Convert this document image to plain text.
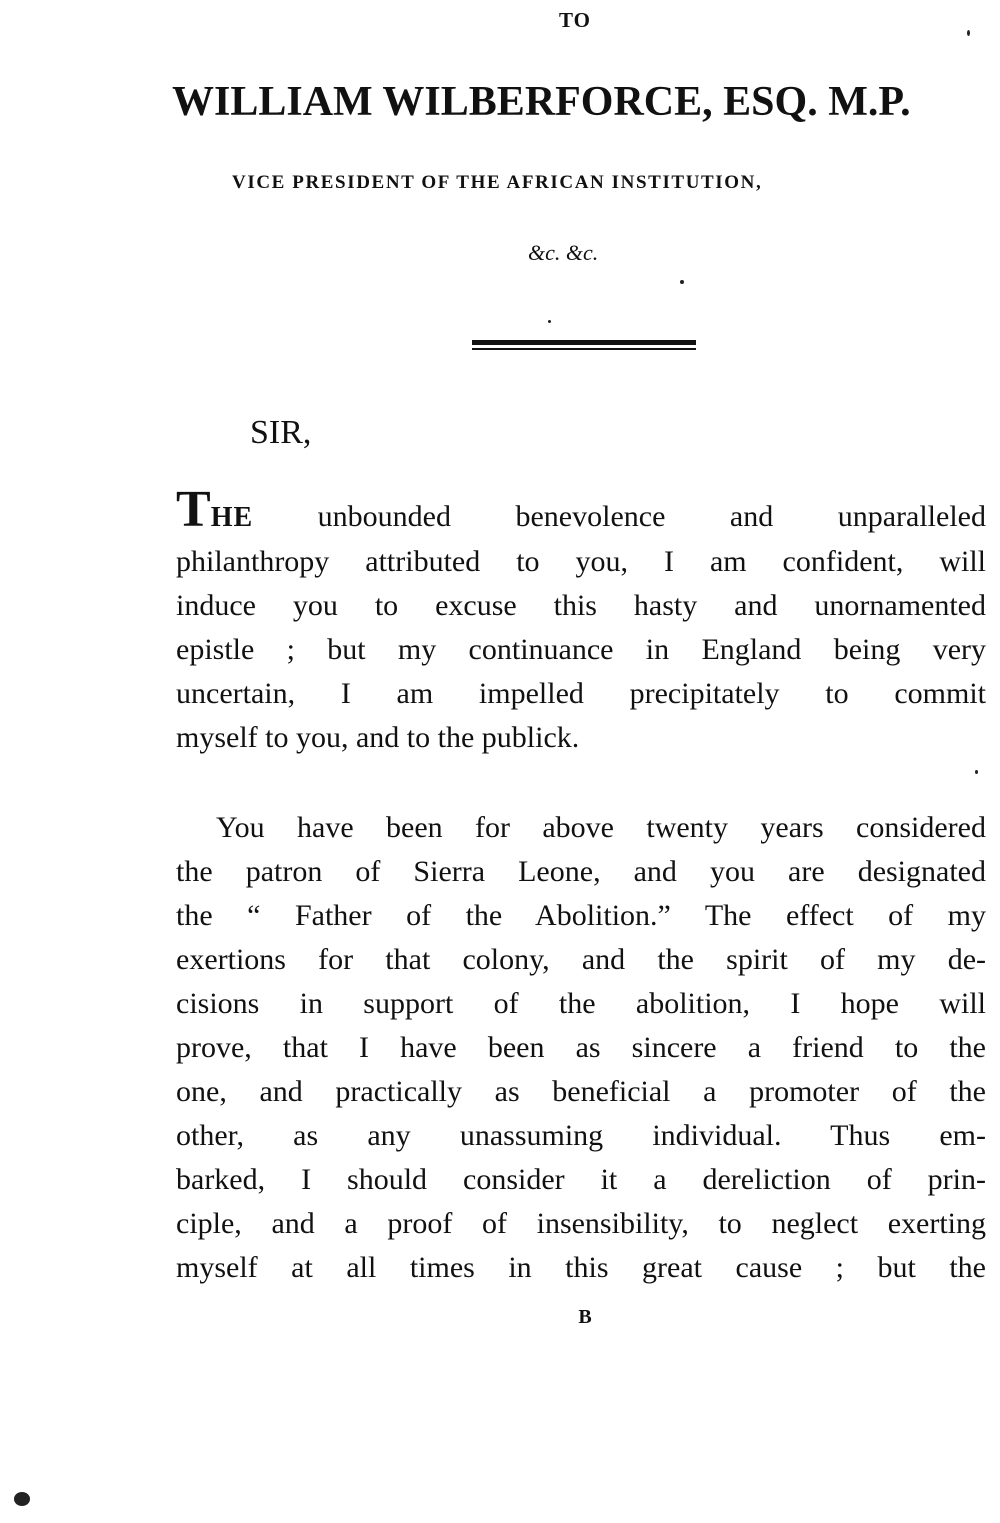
TO
WILLIAM WILBERFORCE, ESQ. M.P.
VICE PRESIDENT OF THE AFRICAN INSTITUTION,
&c. &c.
SIR,
THE unbounded benevolence and unparalleled
philanthropy attributed to you, I am confident, will
induce you to excuse this hasty and unornamented
epistle ; but my continuance in England being very
uncertain, I am impelled precipitately to commit
myself to you, and to the publick.
You have been for above twenty years considered
the patron of Sierra Leone, and you are designated
the “ Father of the Abolition.” The effect of my
exertions for that colony, and the spirit of my de-
cisions in support of the abolition, I hope will
prove, that I have been as sincere a friend to the
one, and practically as beneficial a promoter of the
other, as any unassuming individual. Thus em-
barked, I should consider it a dereliction of prin-
ciple, and a proof of insensibility, to neglect exerting
myself at all times in this great cause ; but the
B
